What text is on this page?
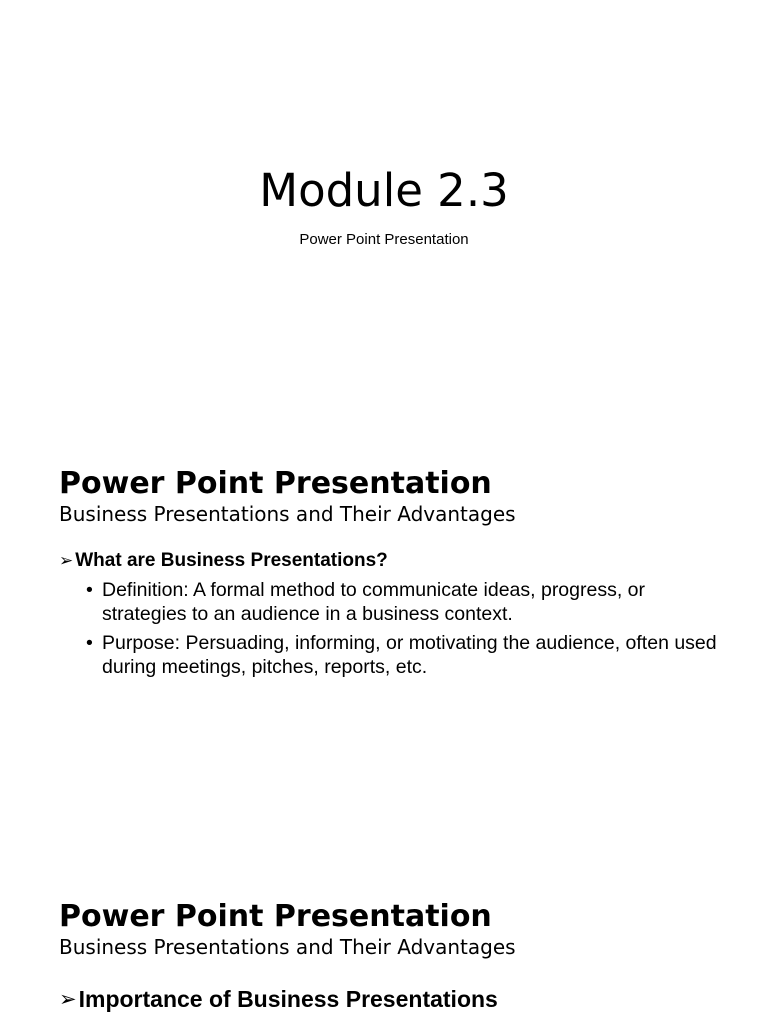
Module 2.3
Power Point Presentation
Power Point Presentation
Business Presentations and Their Advantages
➢ What are Business Presentations?
• Definition: A formal method to communicate ideas, progress, or strategies to an audience in a business context.
• Purpose: Persuading, informing, or motivating the audience, often used during meetings, pitches, reports, etc.
Power Point Presentation
Business Presentations and Their Advantages
➢ Importance of Business Presentations
